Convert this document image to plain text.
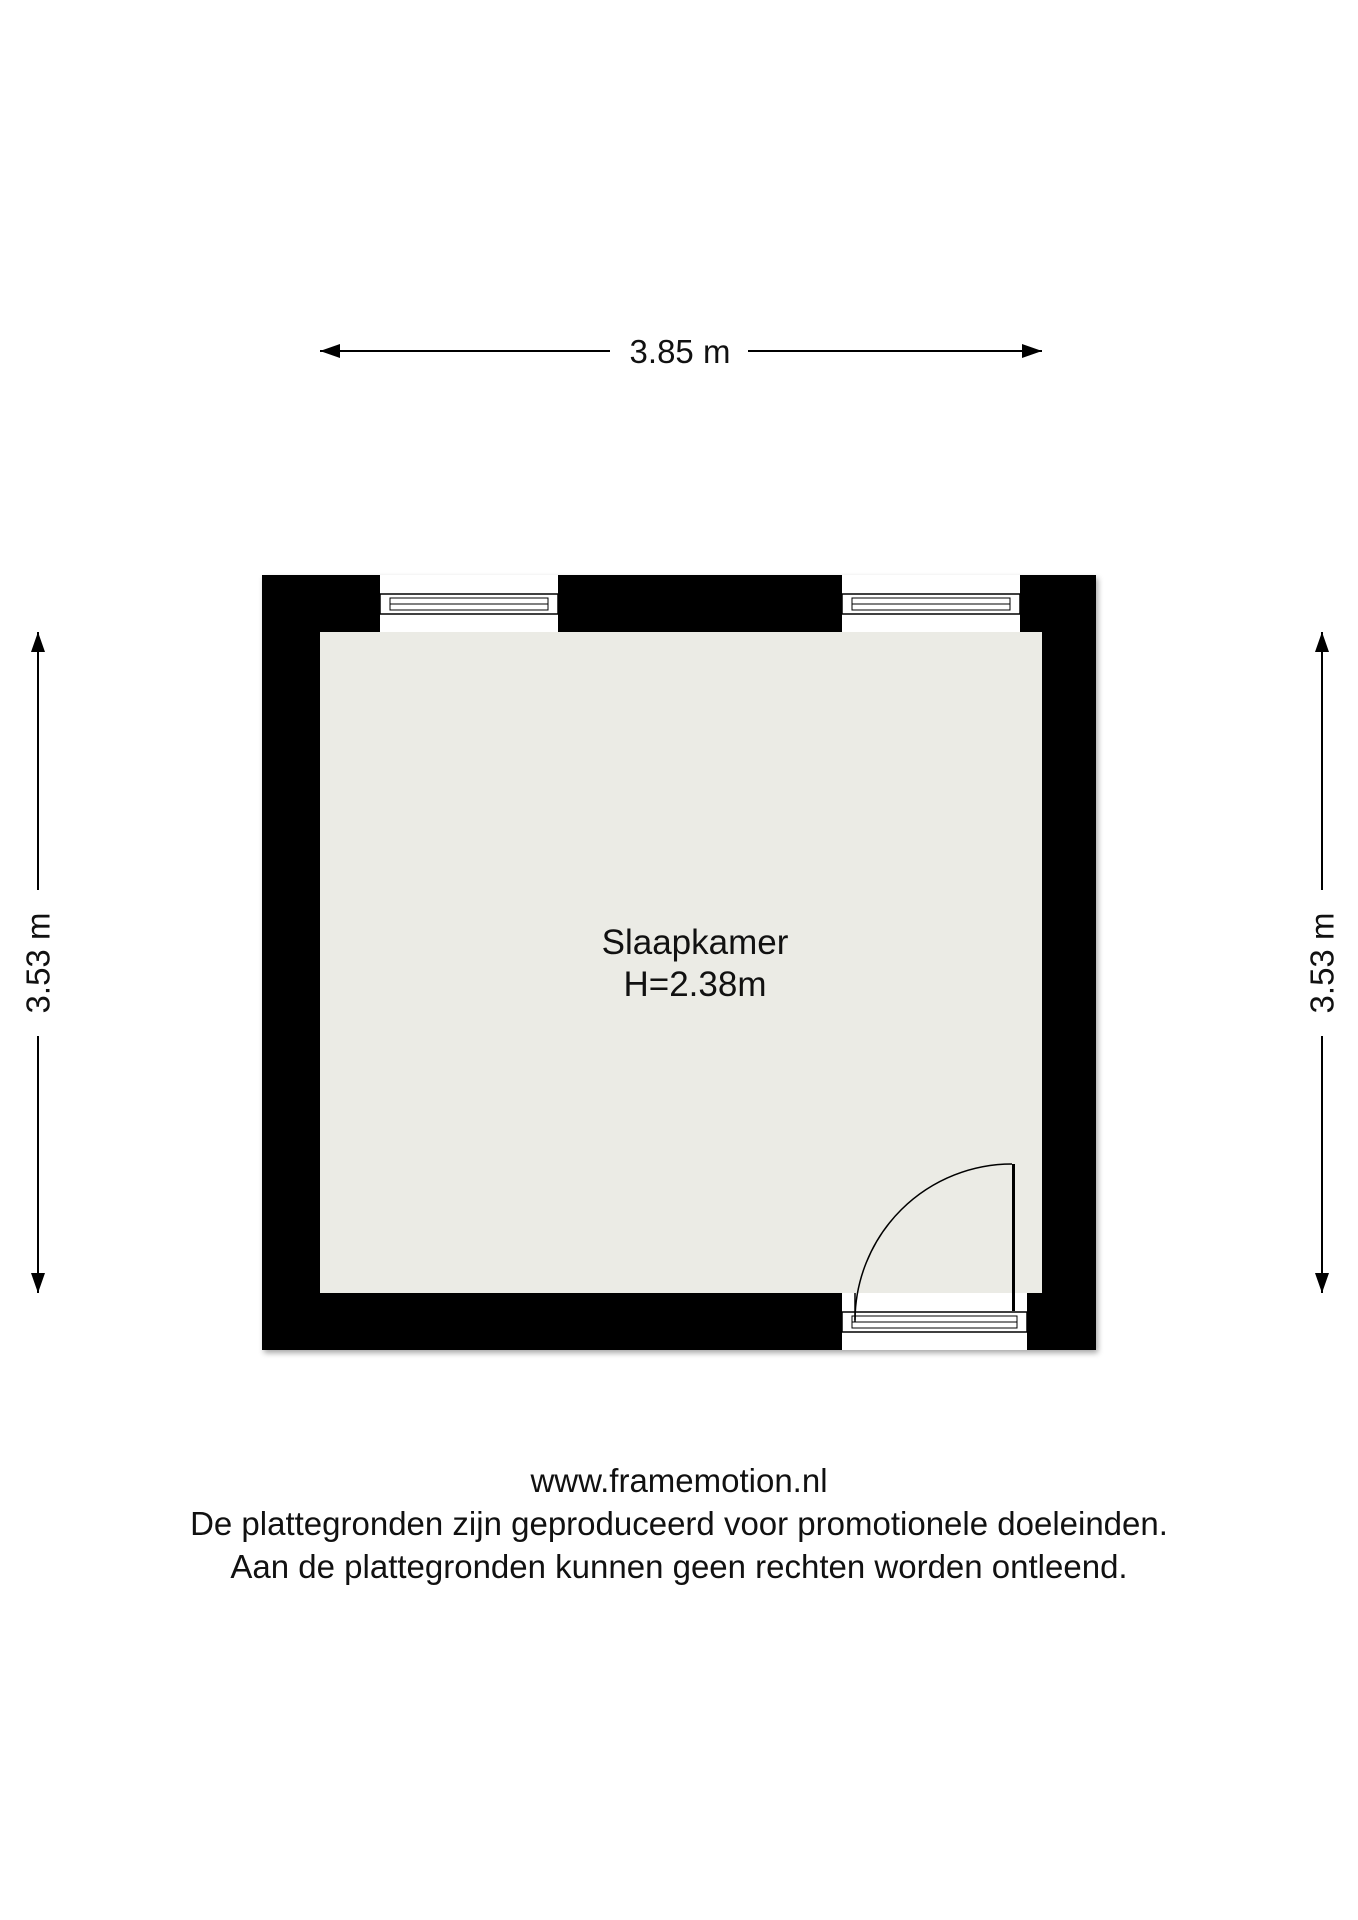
3.85 m
3.53 m	3.53 m
Slaapkamer
H=2.38m
www.framemotion.nl
De plattegronden zijn geproduceerd voor promotionele doeleinden.
Aan de plattegronden kunnen geen rechten worden ontleend.
